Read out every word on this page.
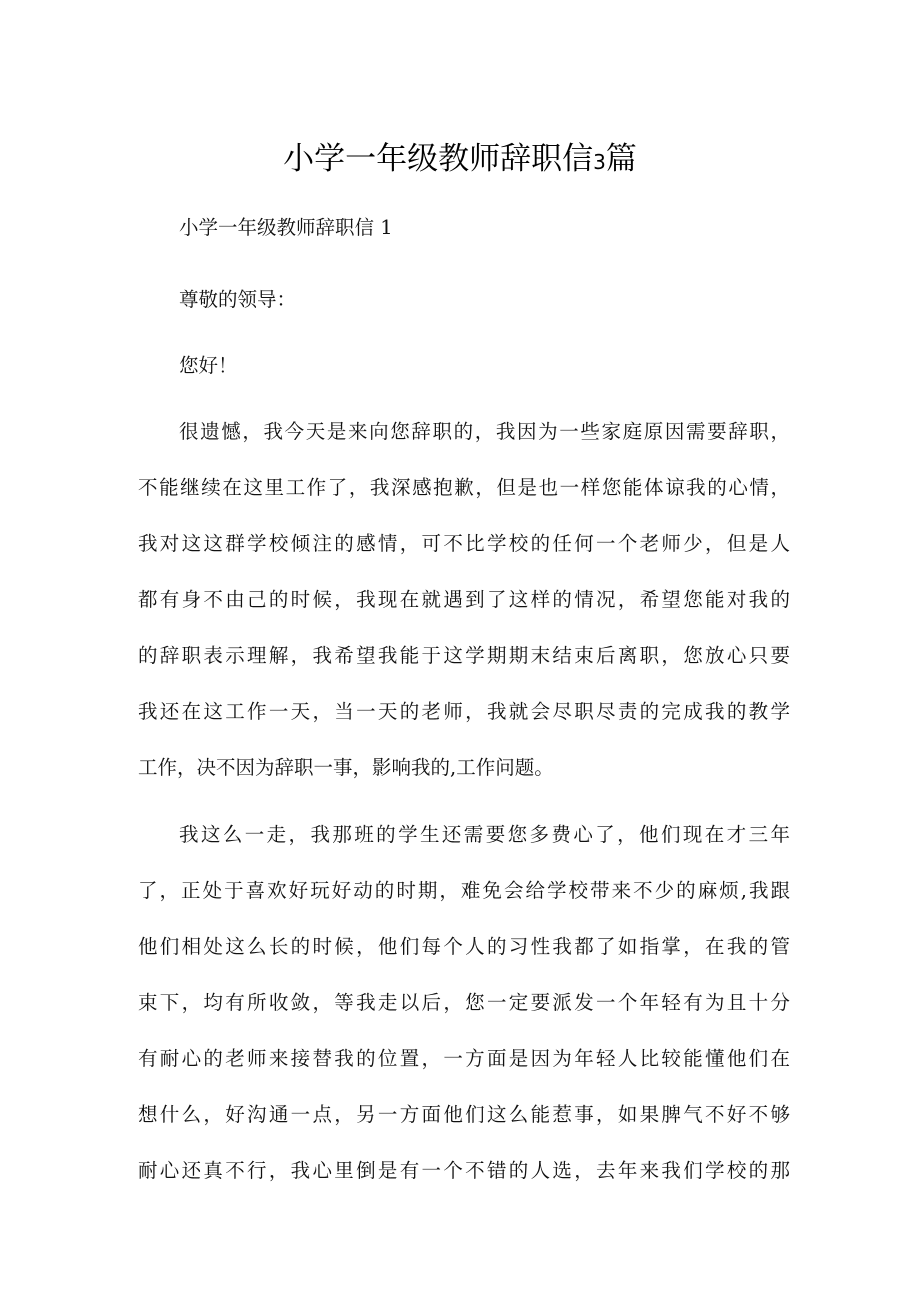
小学一年级教师辞职信3篇

小学一年级教师辞职信 1

尊敬的领导：

您好！

很遗憾，我今天是来向您辞职的，我因为一些家庭原因需要辞职，

不能继续在这里工作了，我深感抱歉，但是也一样您能体谅我的心情，

我对这这群学校倾注的感情，可不比学校的任何一个老师少，但是人

都有身不由己的时候，我现在就遇到了这样的情况，希望您能对我的

的辞职表示理解，我希望我能于这学期期末结束后离职，您放心只要

我还在这工作一天，当一天的老师，我就会尽职尽责的完成我的教学

工作，决不因为辞职一事，影响我的,工作问题。

我这么一走，我那班的学生还需要您多费心了，他们现在才三年

了，正处于喜欢好玩好动的时期，难免会给学校带来不少的麻烦,我跟

他们相处这么长的时候，他们每个人的习性我都了如指掌，在我的管

束下，均有所收敛，等我走以后，您一定要派发一个年轻有为且十分

有耐心的老师来接替我的位置，一方面是因为年轻人比较能懂他们在

想什么，好沟通一点，另一方面他们这么能惹事，如果脾气不好不够

耐心还真不行，我心里倒是有一个不错的人选，去年来我们学校的那
